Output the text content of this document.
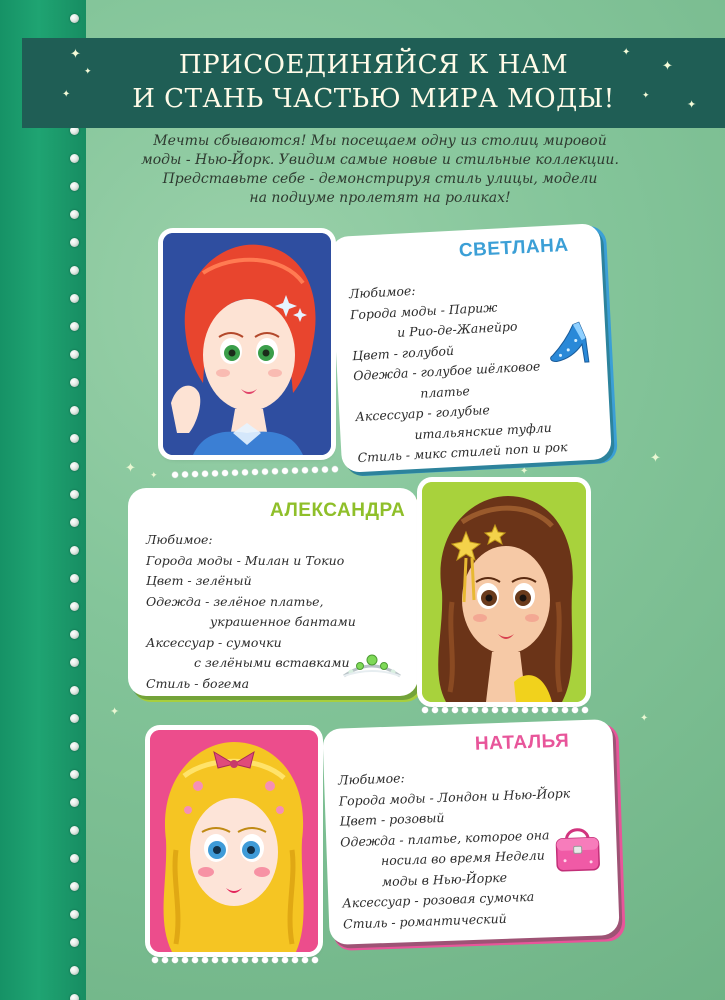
ПРИСОЕДИНЯЙСЯ К НАМ
И СТАНЬ ЧАСТЬЮ МИРА МОДЫ!
✦
✦
✦
✦
✦
✦
✦
Мечты сбываются! Мы посещаем одну из столиц мировой
моды - Нью-Йорк. Увидим самые новые и стильные коллекции.
Представьте себе - демонстрируя стиль улицы, модели
на подиуме пролетят на роликах!
✦ ✦	✦
✦
✦
✦
СВЕТЛАНА
Любимое:
Города моды - Париж
и Рио-де-Жанейро
Цвет - голубой
Одежда - голубое шёлковое
платье
Аксессуар - голубые
итальянские туфли
Стиль - микс стилей поп и рок
АЛЕКСАНДРА
Любимое:
Города моды - Милан и Токио
Цвет - зелёный
Одежда - зелёное платье,
украшенное бантами
Аксессуар - сумочки
с зелёными вставками
Стиль - богема
НАТАЛЬЯ
Любимое:
Города моды - Лондон и Нью-Йорк
Цвет - розовый
Одежда - платье, которое она
носила во время Недели
моды в Нью-Йорке
Аксессуар - розовая сумочка
Стиль - романтический
